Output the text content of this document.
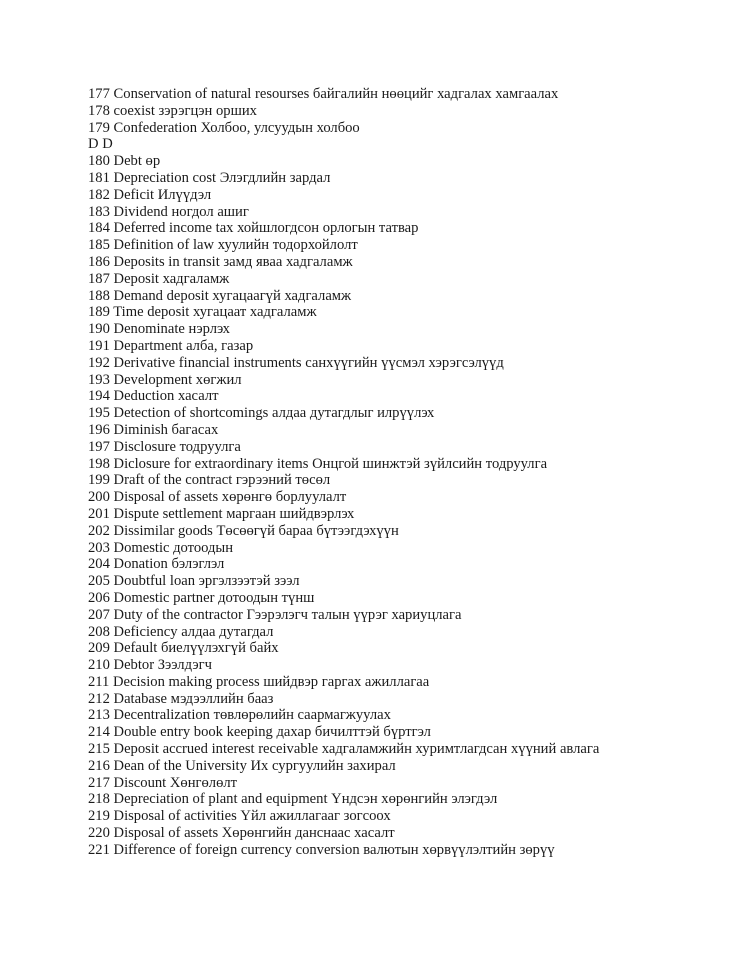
177 Conservation of natural resourses байгалийн нөөцийг хадгалах хамгаалах
178 coexist зэрэгцэн орших
179 Confederation Холбоо, улсуудын холбоо
D D
180 Debt өр
181 Depreciation cost Элэгдлийн зардал
182 Deficit Илүүдэл
183 Dividend ногдол ашиг
184 Deferred income tax хойшлогдсон орлогын татвар
185 Definition of law хуулийн тодорхойлолт
186 Deposits in transit замд яваа хадгаламж
187 Deposit хадгаламж
188 Demand deposit хугацаагүй хадгаламж
189 Time deposit хугацаат хадгаламж
190 Denominate нэрлэх
191 Department алба, газар
192 Derivative financial instruments санхүүгийн үүсмэл хэрэгсэлүүд
193 Development хөгжил
194 Deduction хасалт
195 Detection of shortcomings алдаа дутагдлыг илрүүлэх
196 Diminish багасах
197 Disclosure тодруулга
198 Diclosure for extraordinary items Онцгой шинжтэй зүйлсийн тодруулга
199 Draft of the contract гэрээний төсөл
200 Disposal of assets хөрөнгө борлуулалт
201 Dispute settlement маргаан шийдвэрлэх
202 Dissimilar goods Төсөөгүй бараа бүтээгдэхүүн
203 Domestic дотоодын
204 Donation бэлэглэл
205 Doubtful loan эргэлзээтэй зээл
206 Domestic partner дотоодын түнш
207 Duty of the contractor Гээрэлэгч талын үүрэг хариуцлага
208 Deficiency алдаа дутагдал
209 Default биелүүлэхгүй байх
210 Debtor Зээлдэгч
211 Decision making process шийдвэр гаргах ажиллагаа
212 Database мэдээллийн бааз
213 Decentralization төвлөрөлийн саармагжуулах
214 Double entry book keeping дахар бичилттэй бүртгэл
215 Deposit accrued interest receivable хадгаламжийн хуримтлагдсан хүүний авлага
216 Dean of the University Их сургуулийн захирал
217 Discount Хөнгөлөлт
218 Depreciation of plant and equipment Үндсэн хөрөнгийн элэгдэл
219 Disposal of activities Үйл ажиллагааг зогсоох
220 Disposal of assets Хөрөнгийн данснаас хасалт
221 Difference of foreign currency conversion валютын хөрвүүлэлтийн зөрүү
